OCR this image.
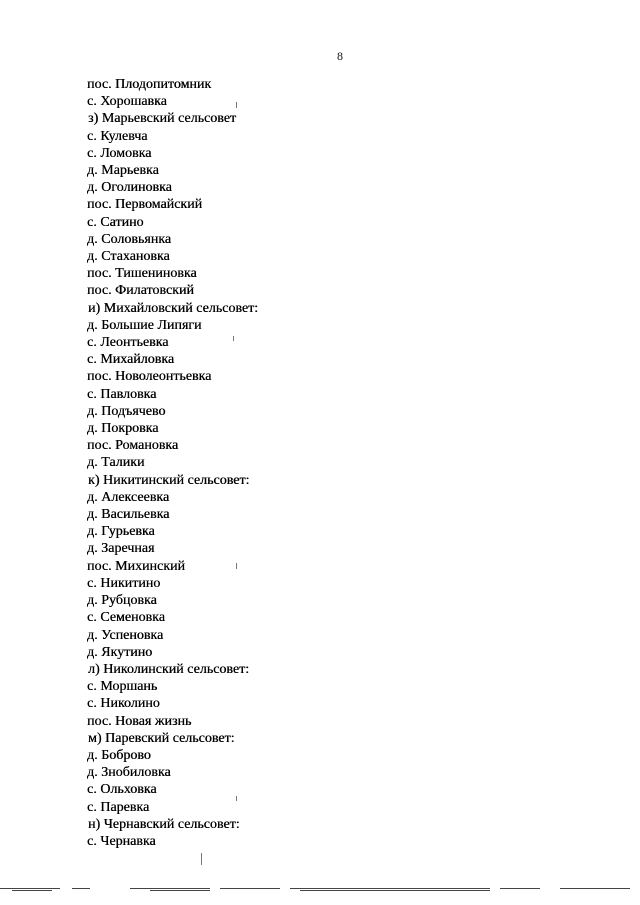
8
пос. Плодопитомник
с. Хорошавка
з) Марьевский сельсовет
с. Кулевча
с. Ломовка
д. Марьевка
д. Оголиновка
пос. Первомайский
с. Сатино
д. Соловьянка
д. Стахановка
пос. Тишениновка
пос. Филатовский
и) Михайловский сельсовет:
д. Большие Липяги
с. Леонтьевка
с. Михайловка
пос. Новолеонтьевка
с. Павловка
д. Подъячево
д. Покровка
пос. Романовка
д. Талики
к) Никитинский сельсовет:
д. Алексеевка
д. Васильевка
д. Гурьевка
д. Заречная
пос. Михинский
с. Никитино
д. Рубцовка
с. Семеновка
д. Успеновка
д. Якутино
л) Николинский сельсовет:
с. Моршань
с. Николино
пос. Новая жизнь
м) Паревский сельсовет:
д. Боброво
д. Знобиловка
с. Ольховка
с. Паревка
н) Чернавский сельсовет:
с. Чернавка
